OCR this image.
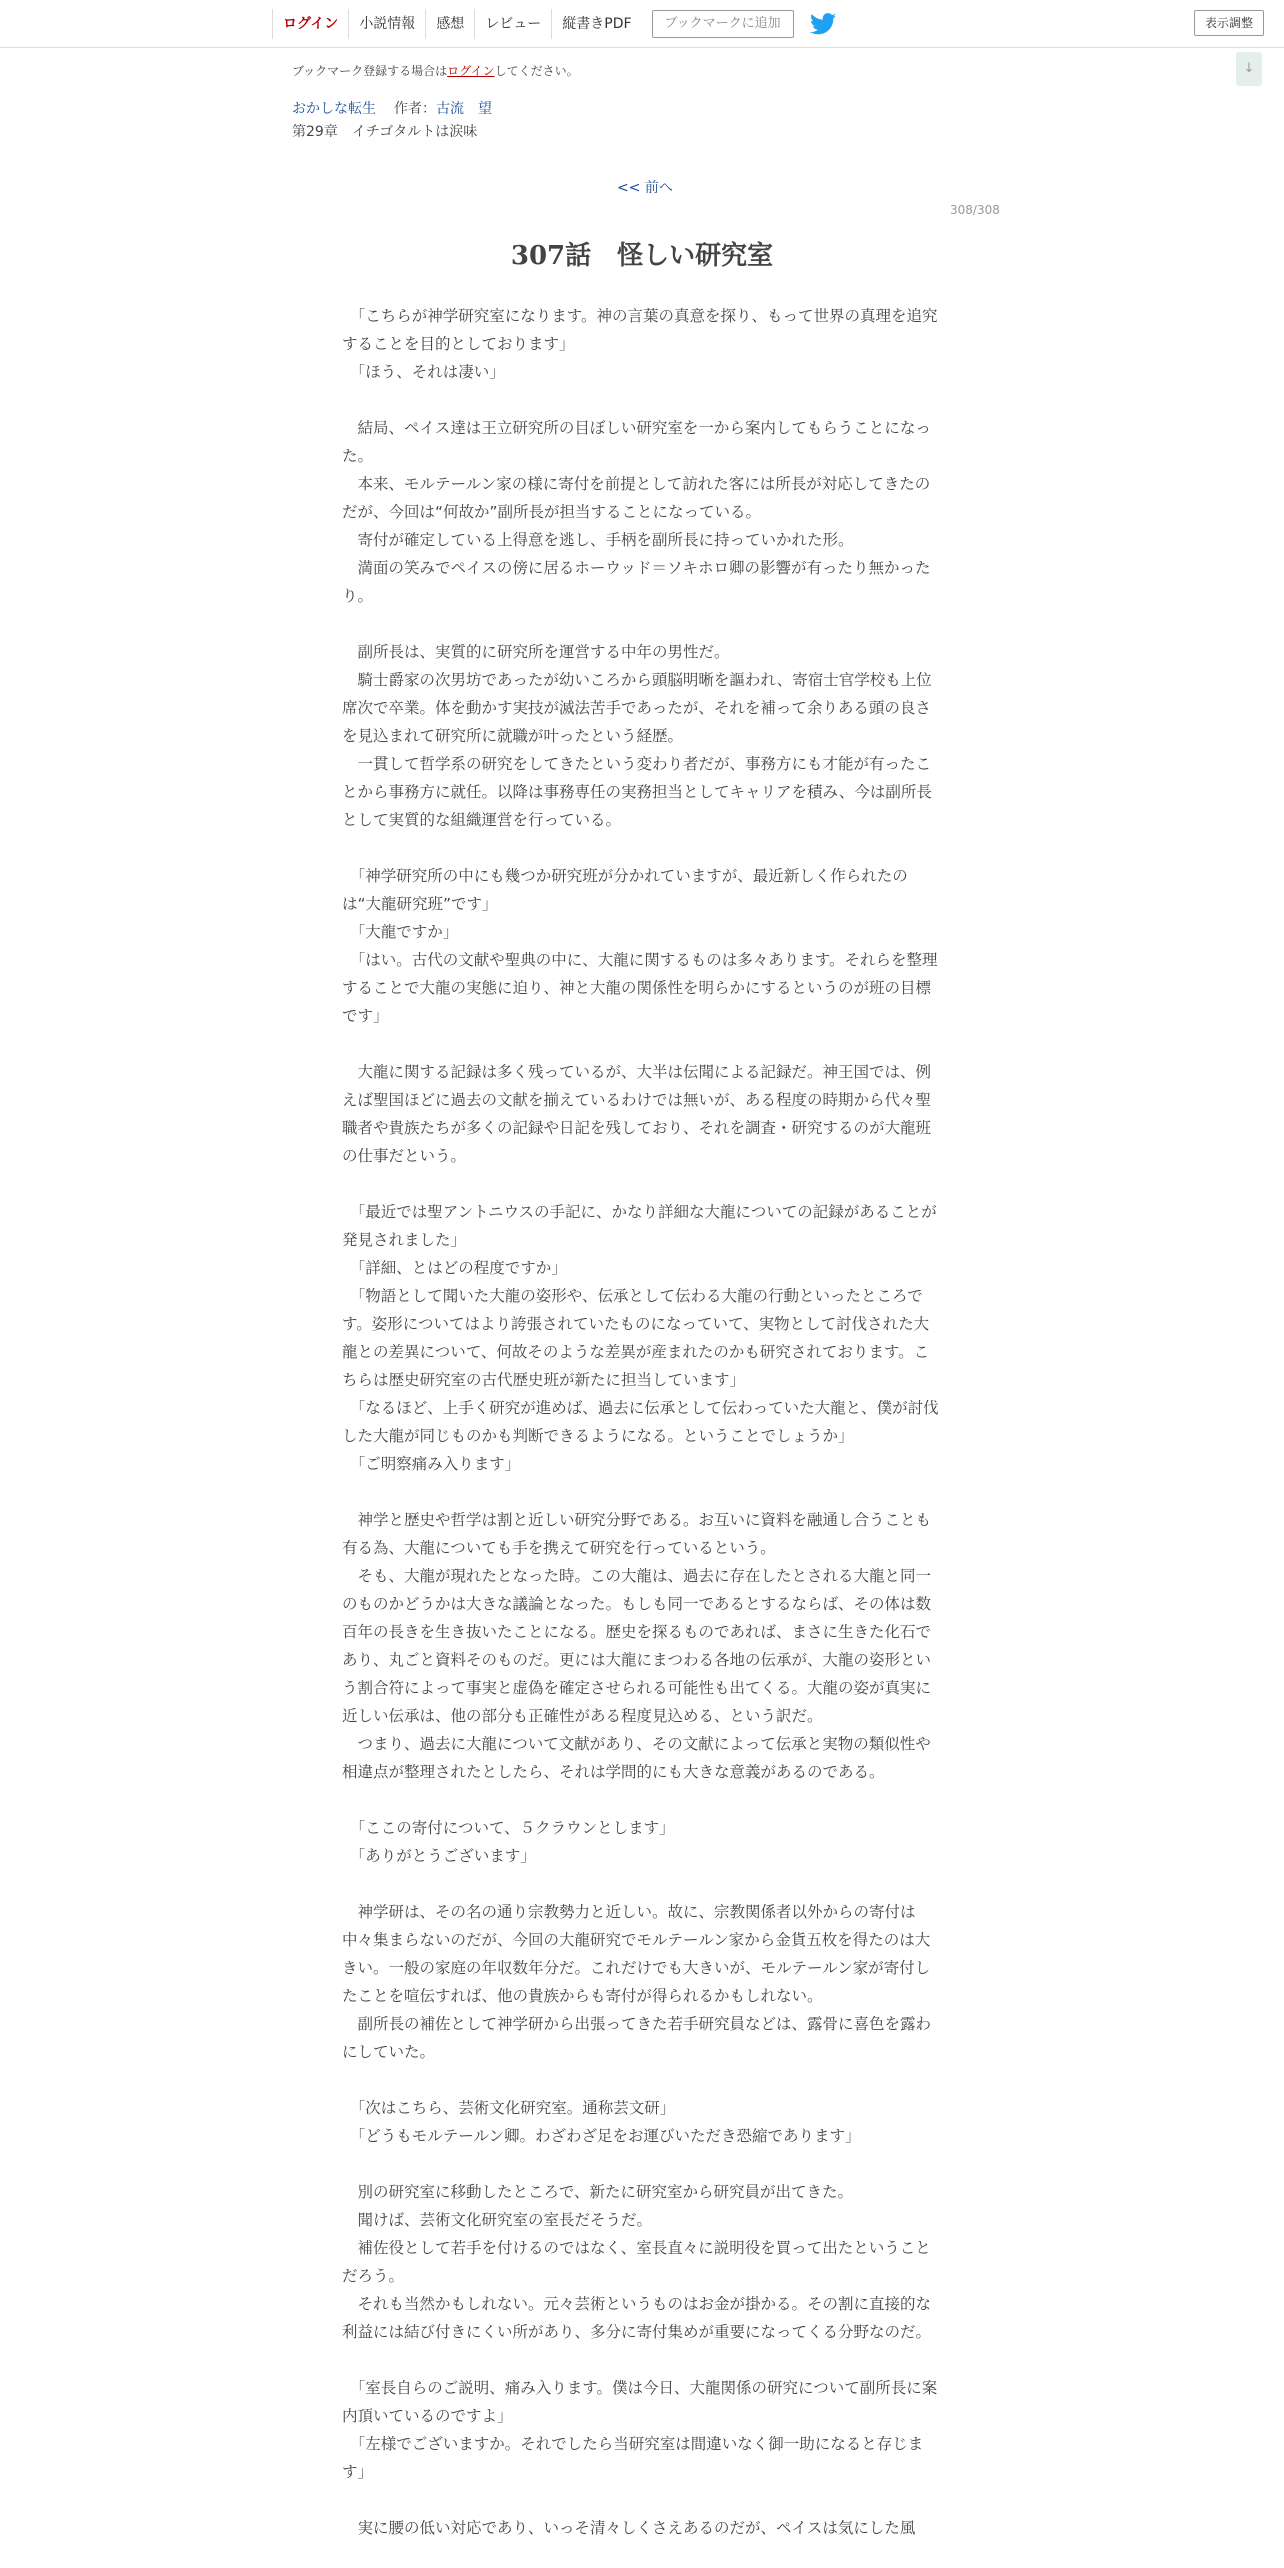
ログイン	小説情報	感想	レビュー	縦書きPDF	ブックマークに追加	表示調整
↓
ブックマーク登録する場合はログインしてください。
おかしな転生 作者：古流　望
第29章　イチゴタルトは涙味
<< 前へ
308/308
307話　怪しい研究室

　「こちらが神学研究室になります。神の言葉の真意を探り、もって世界の真理を追究することを目的としております」

　「ほう、それは凄い」

　結局、ペイス達は王立研究所の目ぼしい研究室を一から案内してもらうことになった。

　本来、モルテールン家の様に寄付を前提として訪れた客には所長が対応してきたのだが、今回は“何故か”副所長が担当することになっている。

　寄付が確定している上得意を逃し、手柄を副所長に持っていかれた形。

　満面の笑みでペイスの傍に居るホーウッド＝ソキホロ卿の影響が有ったり無かったり。

　副所長は、実質的に研究所を運営する中年の男性だ。

　騎士爵家の次男坊であったが幼いころから頭脳明晰を謳われ、寄宿士官学校も上位席次で卒業。体を動かす実技が滅法苦手であったが、それを補って余りある頭の良さを見込まれて研究所に就職が叶ったという経歴。

　一貫して哲学系の研究をしてきたという変わり者だが、事務方にも才能が有ったことから事務方に就任。以降は事務専任の実務担当としてキャリアを積み、今は副所長として実質的な組織運営を行っている。

　「神学研究所の中にも幾つか研究班が分かれていますが、最近新しく作られたのは“大龍研究班”です」

　「大龍ですか」

　「はい。古代の文献や聖典の中に、大龍に関するものは多々あります。それらを整理することで大龍の実態に迫り、神と大龍の関係性を明らかにするというのが班の目標です」

　大龍に関する記録は多く残っているが、大半は伝聞による記録だ。神王国では、例えば聖国ほどに過去の文献を揃えているわけでは無いが、ある程度の時期から代々聖職者や貴族たちが多くの記録や日記を残しており、それを調査・研究するのが大龍班の仕事だという。

　「最近では聖アントニウスの手記に、かなり詳細な大龍についての記録があることが発見されました」

　「詳細、とはどの程度ですか」

　「物語として聞いた大龍の姿形や、伝承として伝わる大龍の行動といったところです。姿形についてはより誇張されていたものになっていて、実物として討伐された大龍との差異について、何故そのような差異が産まれたのかも研究されております。こちらは歴史研究室の古代歴史班が新たに担当しています」

　「なるほど、上手く研究が進めば、過去に伝承として伝わっていた大龍と、僕が討伐した大龍が同じものかも判断できるようになる。ということでしょうか」

　「ご明察痛み入ります」

　神学と歴史や哲学は割と近しい研究分野である。お互いに資料を融通し合うことも有る為、大龍についても手を携えて研究を行っているという。

　そも、大龍が現れたとなった時。この大龍は、過去に存在したとされる大龍と同一のものかどうかは大きな議論となった。もしも同一であるとするならば、その体は数百年の長きを生き抜いたことになる。歴史を探るものであれば、まさに生きた化石であり、丸ごと資料そのものだ。更には大龍にまつわる各地の伝承が、大龍の姿形という割合符によって事実と虚偽を確定させられる可能性も出てくる。大龍の姿が真実に近しい伝承は、他の部分も正確性がある程度見込める、という訳だ。

　つまり、過去に大龍について文献があり、その文献によって伝承と実物の類似性や相違点が整理されたとしたら、それは学問的にも大きな意義があるのである。

　「ここの寄付について、５クラウンとします」

　「ありがとうございます」

　神学研は、その名の通り宗教勢力と近しい。故に、宗教関係者以外からの寄付は中々集まらないのだが、今回の大龍研究でモルテールン家から金貨五枚を得たのは大きい。一般の家庭の年収数年分だ。これだけでも大きいが、モルテールン家が寄付したことを喧伝すれば、他の貴族からも寄付が得られるかもしれない。

　副所長の補佐として神学研から出張ってきた若手研究員などは、露骨に喜色を露わにしていた。

　「次はこちら、芸術文化研究室。通称芸文研」

　「どうもモルテールン卿。わざわざ足をお運びいただき恐縮であります」

　別の研究室に移動したところで、新たに研究室から研究員が出てきた。

　聞けば、芸術文化研究室の室長だそうだ。

　補佐役として若手を付けるのではなく、室長直々に説明役を買って出たということだろう。

　それも当然かもしれない。元々芸術というものはお金が掛かる。その割に直接的な利益には結び付きにくい所があり、多分に寄付集めが重要になってくる分野なのだ。

　「室長自らのご説明、痛み入ります。僕は今日、大龍関係の研究について副所長に案内頂いているのですよ」

　「左様でございますか。それでしたら当研究室は間違いなく御一助になると存じます」

　実に腰の低い対応であり、いっそ清々しくさえあるのだが、ペイスは気にした風
